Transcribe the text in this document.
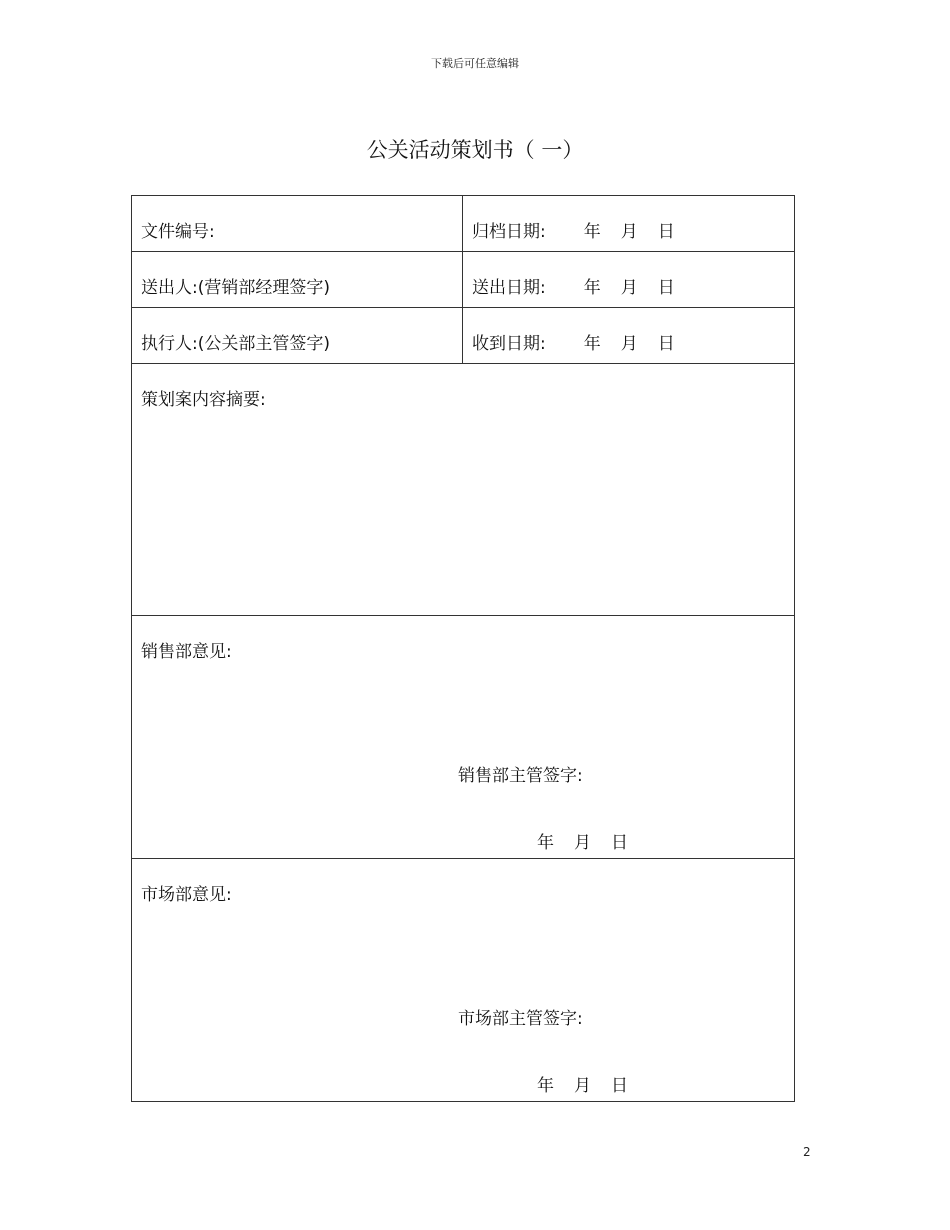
下载后可任意编辑
公关活动策划书（ 一）
文件编号:	归档日期: 年 月 日

送出人:(营销部经理签字)	送出日期: 年 月 日

执行人:(公关部主管签字)	收到日期: 年 月 日

策划案内容摘要:	

销售部意见:
销售部主管签字:
年 月 日	

市场部意见:
市场部主管签字:
年 月 日	
2
